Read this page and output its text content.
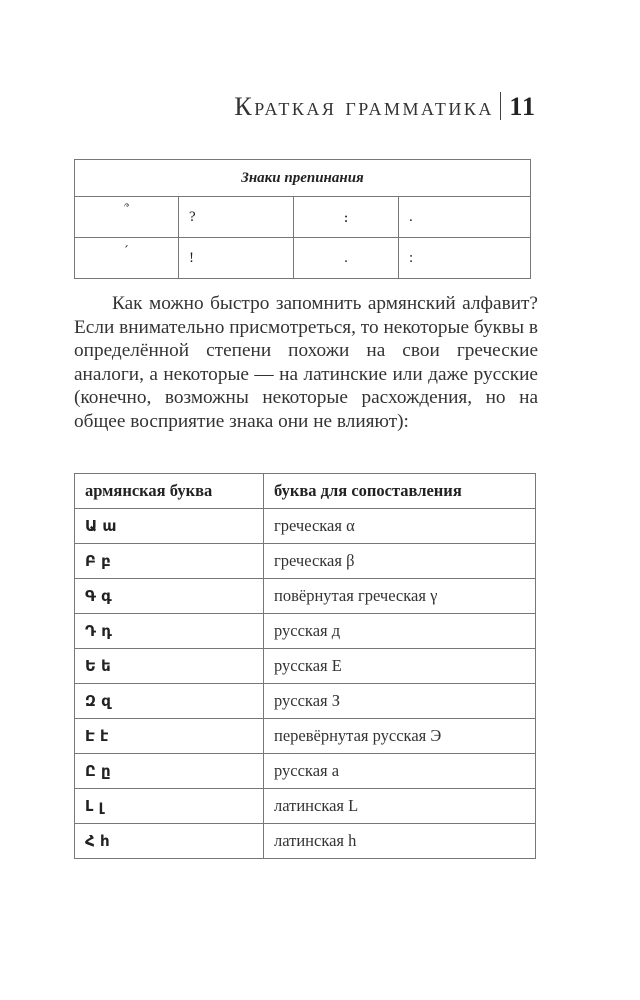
Краткая грамматика 11
Знаки препинания			
՞	?	։	.
՛	!	.	:

Как можно быстро запомнить армянский алфавит? Если внимательно присмотреться, то некоторые буквы в определённой степени похожи на свои греческие аналоги, а некоторые — на латинские или даже русские (конечно, возможны некоторые расхождения, но на общее восприятие знака они не влияют):

армянская буква	буква для сопоставления
Ա ա	греческая α
Բ բ	греческая β
Գ գ	повёрнутая греческая γ
Դ դ	русская д
Ե ե	русская Е
Զ զ	русская З
Է է	перевёрнутая русская Э
Ը ը	русская а
Լ լ	латинская L
Հ հ	латинская h
